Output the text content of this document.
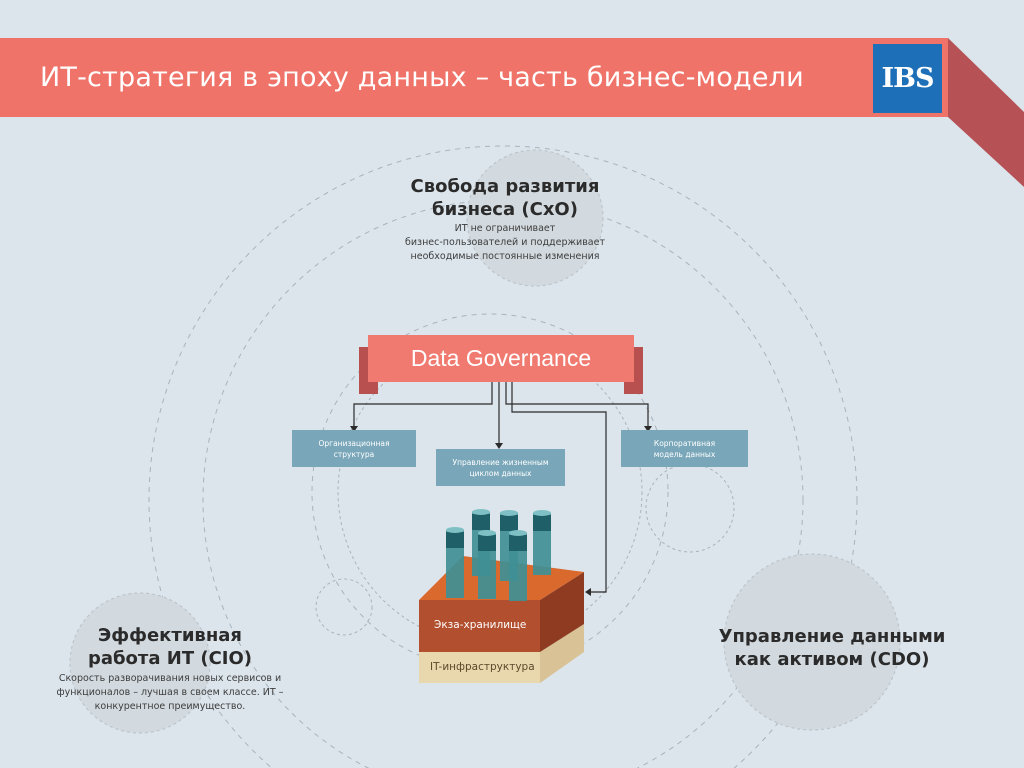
ИТ-стратегия в эпоху данных – часть бизнес-модели	IBS
Свобода развития
бизнеса (CxO)
ИТ не ограничивает
бизнес-пользователей и поддерживает
необходимые постоянные изменения
Эффективная
работа ИТ (CIO)
Скорость разворачивания новых сервисов и
функционалов – лучшая в своем классе. ИТ –
конкурентное преимущество.
Управление данными
как активом (CDO)
Data Governance
Организационная
структура
Управление жизненным
циклом данных
Корпоративная
модель данных
Экза-хранилище
IT-инфраструктура
